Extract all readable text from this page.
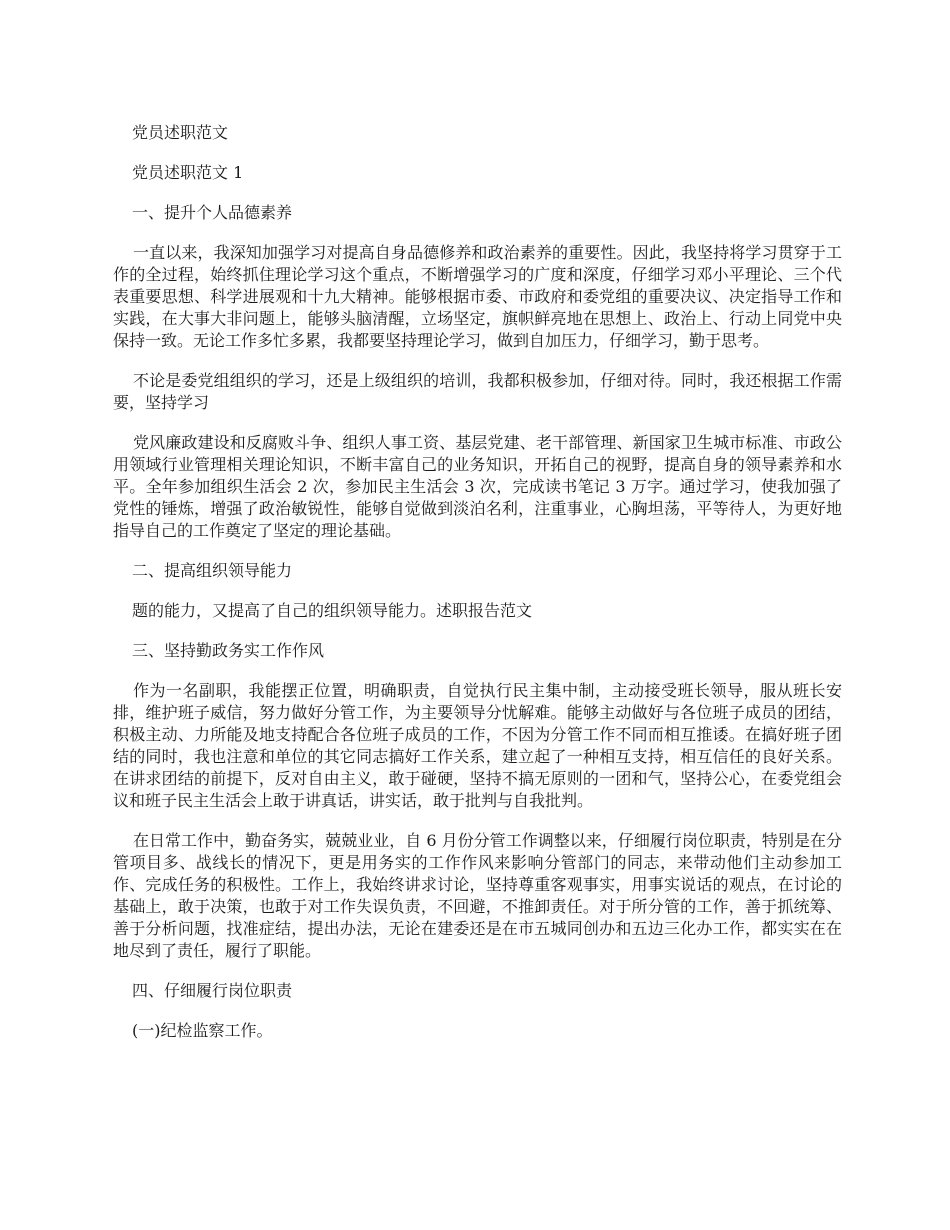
党员述职范文

党员述职范文 1

一、提升个人品德素养

一直以来，我深知加强学习对提高自身品德修养和政治素养的重要性。因此，我坚持将学习贯穿于工作的全过程，始终抓住理论学习这个重点，不断增强学习的广度和深度，仔细学习邓小平理论、三个代表重要思想、科学进展观和十九大精神。能够根据市委、市政府和委党组的重要决议、决定指导工作和实践，在大事大非问题上，能够头脑清醒，立场坚定，旗帜鲜亮地在思想上、政治上、行动上同党中央保持一致。无论工作多忙多累，我都要坚持理论学习，做到自加压力，仔细学习，勤于思考。

不论是委党组组织的学习，还是上级组织的培训，我都积极参加，仔细对待。同时，我还根据工作需要，坚持学习

党风廉政建设和反腐败斗争、组织人事工资、基层党建、老干部管理、新国家卫生城市标准、市政公用领域行业管理相关理论知识，不断丰富自己的业务知识，开拓自己的视野，提高自身的领导素养和水平。全年参加组织生活会 2 次，参加民主生活会 3 次，完成读书笔记 3 万字。通过学习，使我加强了党性的锤炼，增强了政治敏锐性，能够自觉做到淡泊名利，注重事业，心胸坦荡，平等待人，为更好地指导自己的工作奠定了坚定的理论基础。

二、提高组织领导能力

题的能力，又提高了自己的组织领导能力。述职报告范文

三、坚持勤政务实工作作风

作为一名副职，我能摆正位置，明确职责，自觉执行民主集中制，主动接受班长领导，服从班长安排，维护班子威信，努力做好分管工作，为主要领导分忧解难。能够主动做好与各位班子成员的团结，积极主动、力所能及地支持配合各位班子成员的工作，不因为分管工作不同而相互推诿。在搞好班子团结的同时，我也注意和单位的其它同志搞好工作关系，建立起了一种相互支持，相互信任的良好关系。在讲求团结的前提下，反对自由主义，敢于碰硬，坚持不搞无原则的一团和气，坚持公心，在委党组会议和班子民主生活会上敢于讲真话，讲实话，敢于批判与自我批判。

在日常工作中，勤奋务实，兢兢业业，自 6 月份分管工作调整以来，仔细履行岗位职责，特别是在分管项目多、战线长的情况下，更是用务实的工作作风来影响分管部门的同志，来带动他们主动参加工作、完成任务的积极性。工作上，我始终讲求讨论，坚持尊重客观事实，用事实说话的观点，在讨论的基础上，敢于决策，也敢于对工作失误负责，不回避，不推卸责任。对于所分管的工作，善于抓统筹、善于分析问题，找准症结，提出办法，无论在建委还是在市五城同创办和五边三化办工作，都实实在在地尽到了责任，履行了职能。

四、仔细履行岗位职责

(一)纪检监察工作。
